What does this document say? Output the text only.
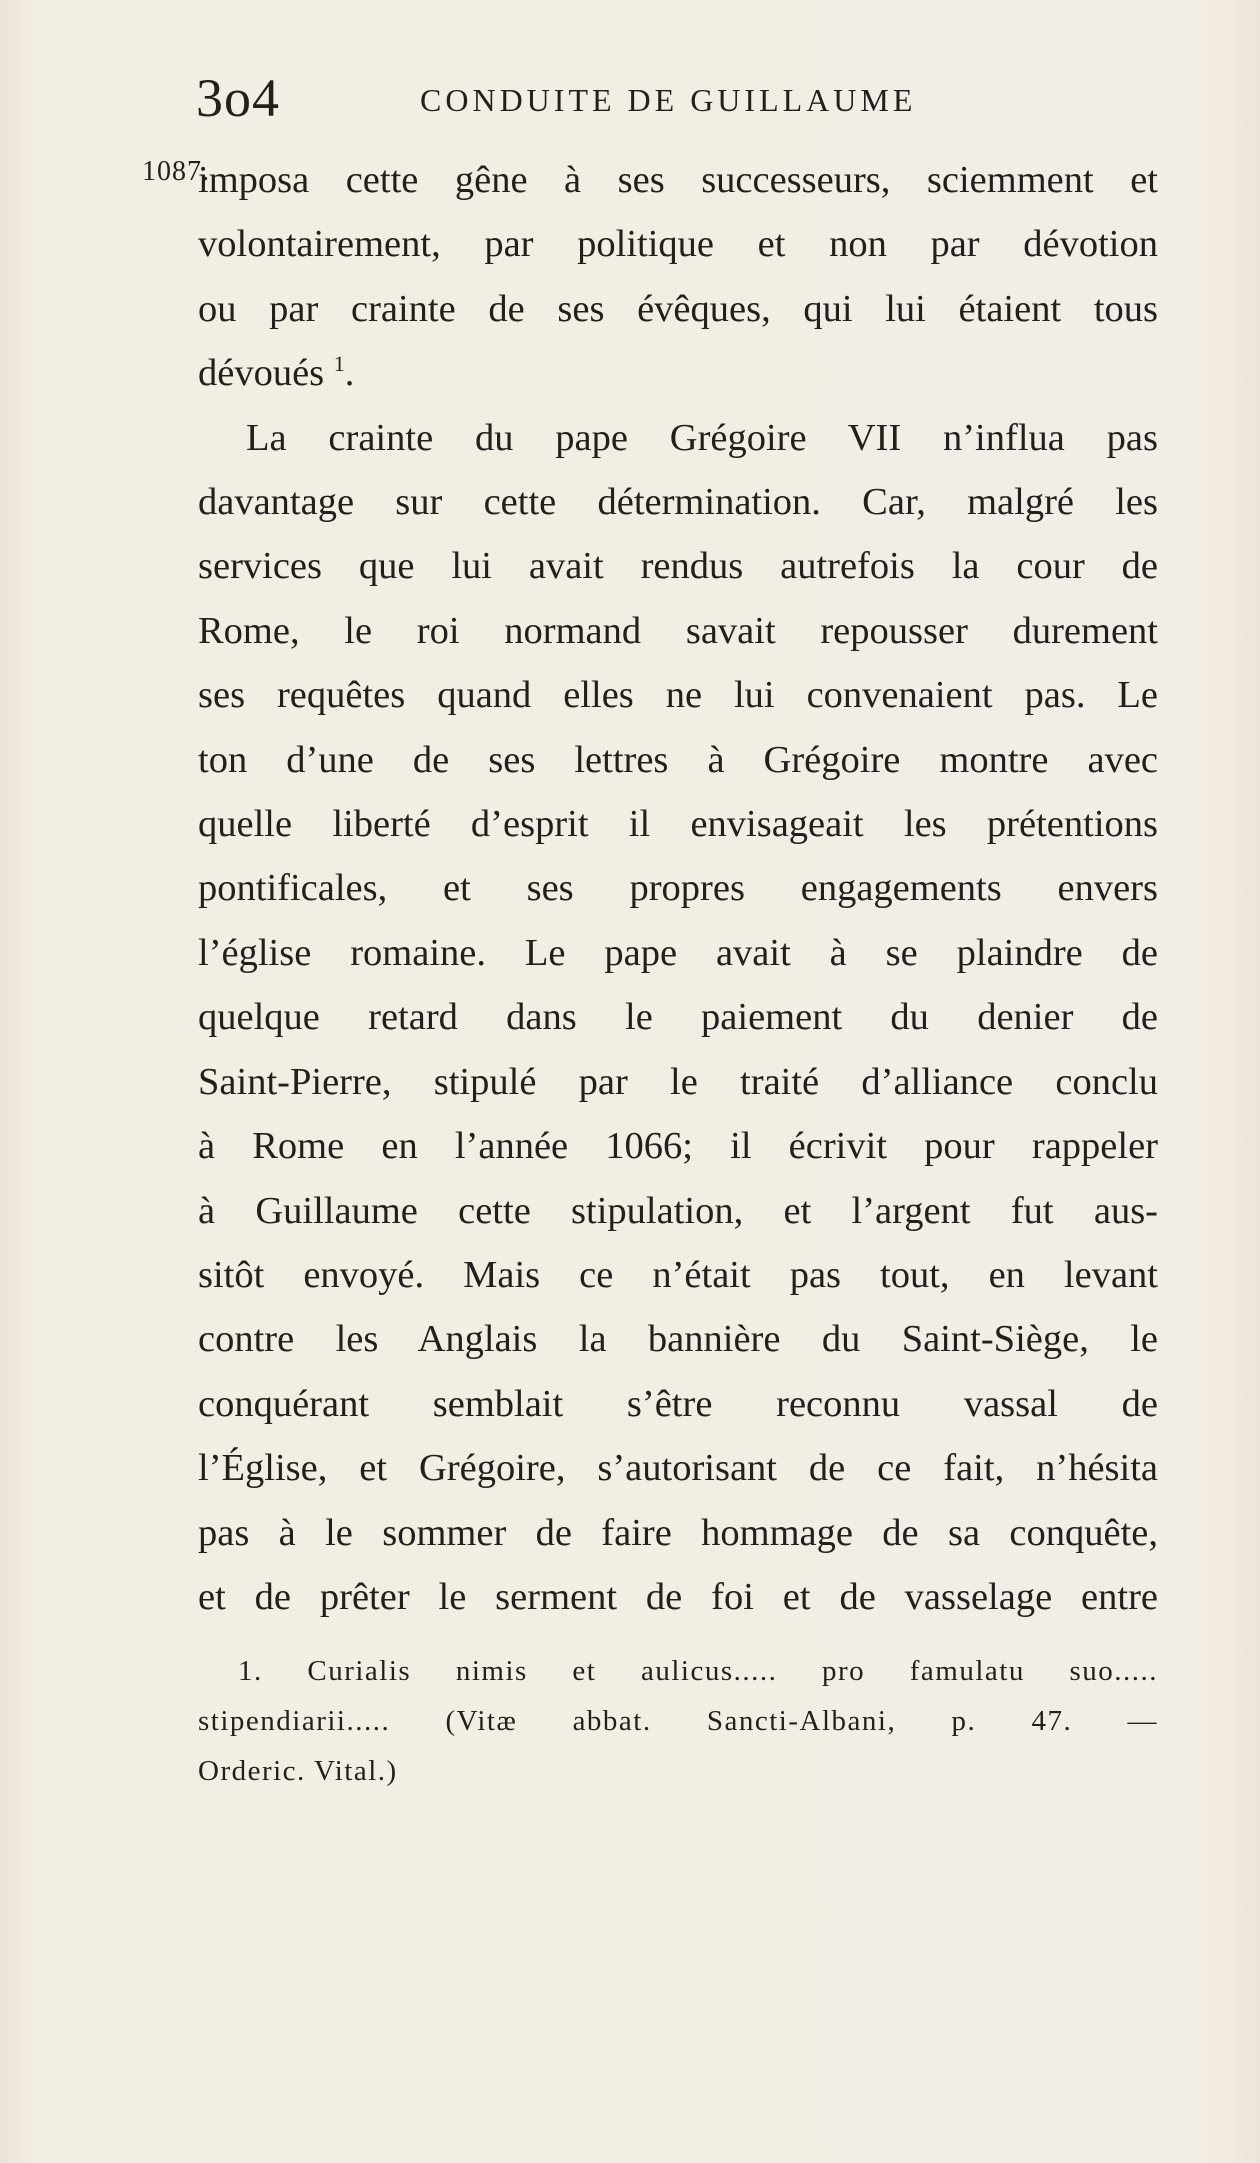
3o4	CONDUITE DE GUILLAUME
1087.
imposa cette gêne à ses successeurs, sciemment et
volontairement, par politique et non par dévotion
ou par crainte de ses évêques, qui lui étaient tous
dévoués $^1$.
La crainte du pape Grégoire VII n’influa pas
davantage sur cette détermination. Car, malgré les
services que lui avait rendus autrefois la cour de
Rome, le roi normand savait repousser durement
ses requêtes quand elles ne lui convenaient pas. Le
ton d’une de ses lettres à Grégoire montre avec
quelle liberté d’esprit il envisageait les prétentions
pontificales, et ses propres engagements envers
l’église romaine. Le pape avait à se plaindre de
quelque retard dans le paiement du denier de
Saint-Pierre, stipulé par le traité d’alliance conclu
à Rome en l’année 1066; il écrivit pour rappeler
à Guillaume cette stipulation, et l’argent fut aus-
sitôt envoyé. Mais ce n’était pas tout, en levant
contre les Anglais la bannière du Saint-Siège, le
conquérant semblait s’être reconnu vassal de
l’Église, et Grégoire, s’autorisant de ce fait, n’hésita
pas à le sommer de faire hommage de sa conquête,
et de prêter le serment de foi et de vasselage entre
1. Curialis nimis et aulicus..... pro famulatu suo.....
stipendiarii..... (Vitæ abbat. Sancti-Albani, p. 47. —
Orderic. Vital.)
